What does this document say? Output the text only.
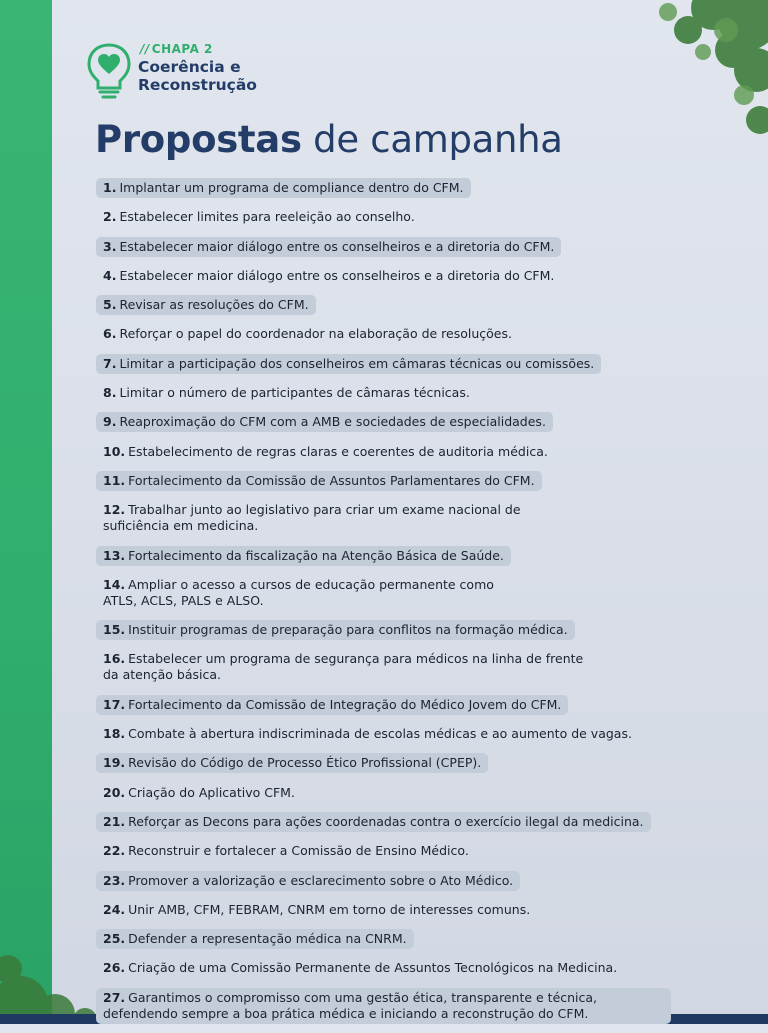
// CHAPA 2
Coerência e
Reconstrução
Propostas de campanha
1. Implantar um programa de compliance dentro do CFM.
2. Estabelecer limites para reeleição ao conselho.
3. Estabelecer maior diálogo entre os conselheiros e a diretoria do CFM.
4. Estabelecer maior diálogo entre os conselheiros e a diretoria do CFM.
5. Revisar as resoluções do CFM.
6. Reforçar o papel do coordenador na elaboração de resoluções.
7. Limitar a participação dos conselheiros em câmaras técnicas ou comissões.
8. Limitar o número de participantes de câmaras técnicas.
9. Reaproximação do CFM com a AMB e sociedades de especialidades.
10. Estabelecimento de regras claras e coerentes de auditoria médica.
11. Fortalecimento da Comissão de Assuntos Parlamentares do CFM.
12. Trabalhar junto ao legislativo para criar um exame nacional de suficiência em medicina.
13. Fortalecimento da fiscalização na Atenção Básica de Saúde.
14. Ampliar o acesso a cursos de educação permanente como ATLS, ACLS, PALS e ALSO.
15. Instituir programas de preparação para conflitos na formação médica.
16. Estabelecer um programa de segurança para médicos na linha de frente da atenção básica.
17. Fortalecimento da Comissão de Integração do Médico Jovem do CFM.
18. Combate à abertura indiscriminada de escolas médicas e ao aumento de vagas.
19. Revisão do Código de Processo Ético Profissional (CPEP).
20. Criação do Aplicativo CFM.
21. Reforçar as Decons para ações coordenadas contra o exercício ilegal da medicina.
22. Reconstruir e fortalecer a Comissão de Ensino Médico.
23. Promover a valorização e esclarecimento sobre o Ato Médico.
24. Unir AMB, CFM, FEBRAM, CNRM em torno de interesses comuns.
25. Defender a representação médica na CNRM.
26. Criação de uma Comissão Permanente de Assuntos Tecnológicos na Medicina.
27. Garantimos o compromisso com uma gestão ética, transparente e técnica, defendendo sempre a boa prática médica e iniciando a reconstrução do CFM.
